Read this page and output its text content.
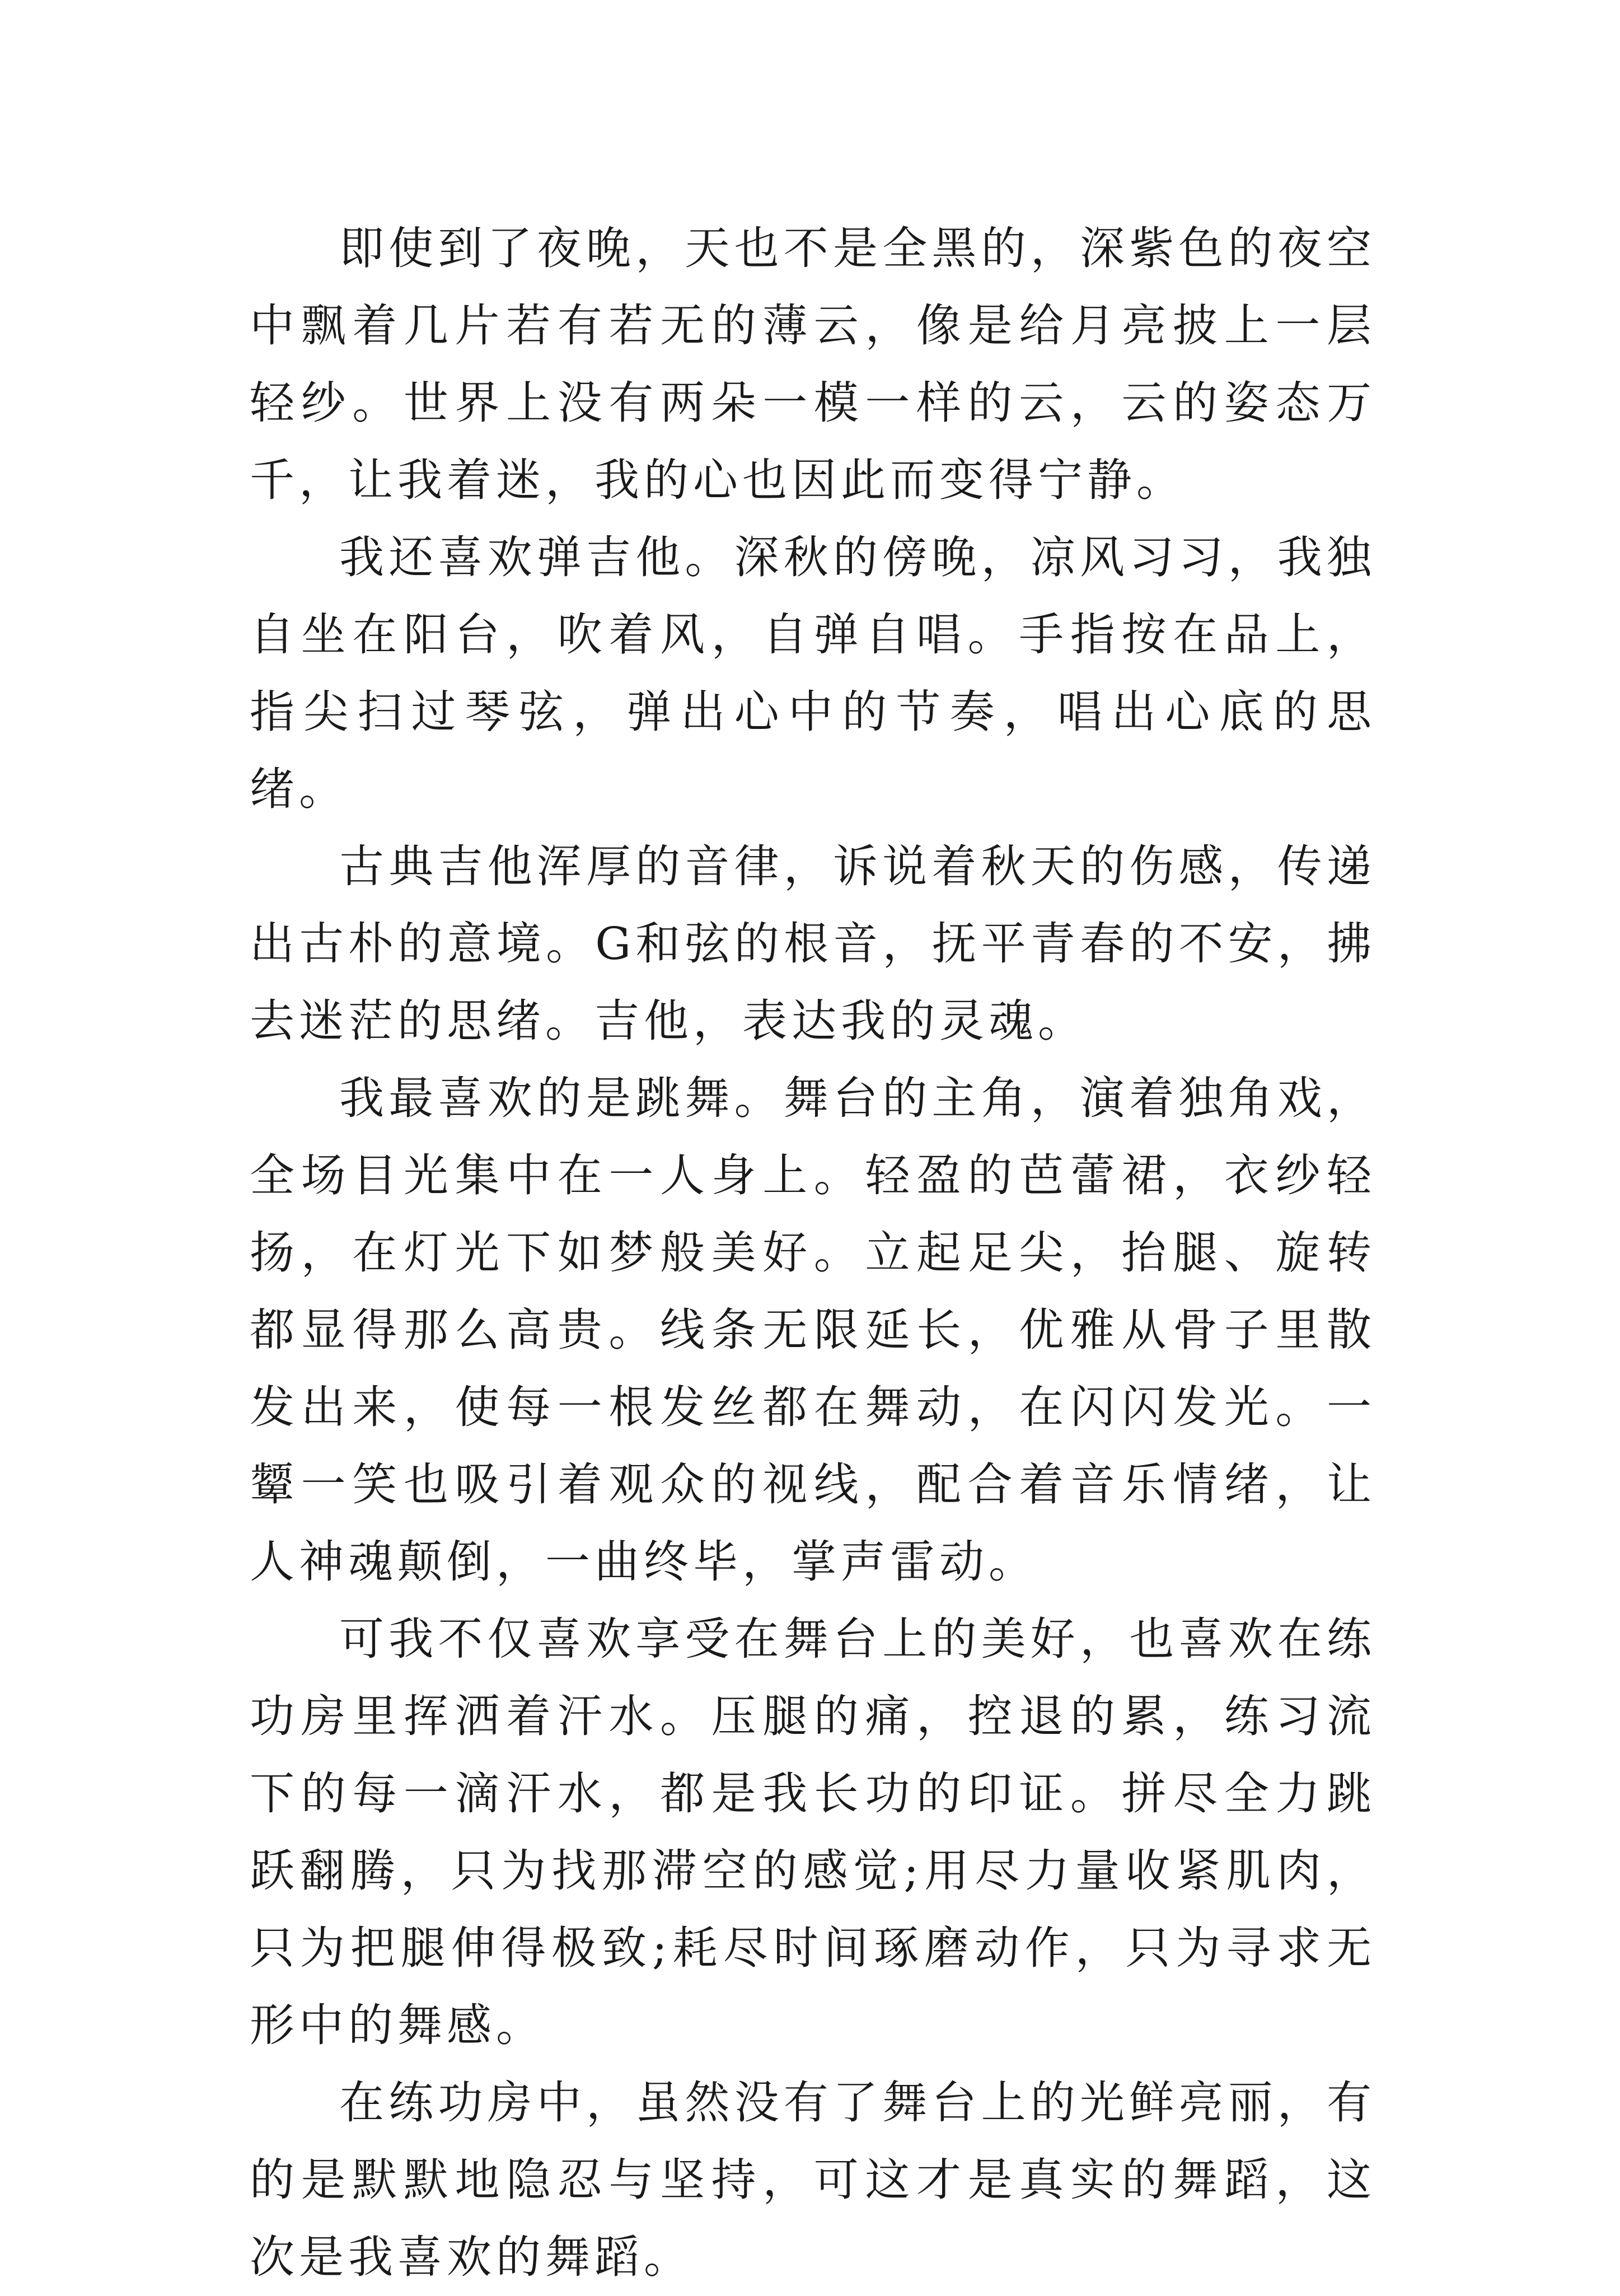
即使到了夜晚，天也不是全黑的，深紫色的夜空中飘着几片若有若无的薄云，像是给月亮披上一层轻纱。世界上没有两朵一模一样的云，云的姿态万千，让我着迷，我的心也因此而变得宁静。

我还喜欢弹吉他。深秋的傍晚，凉风习习，我独自坐在阳台，吹着风，自弹自唱。手指按在品上，指尖扫过琴弦，弹出心中的节奏，唱出心底的思绪。

古典吉他浑厚的音律，诉说着秋天的伤感，传递出古朴的意境。G和弦的根音，抚平青春的不安，拂去迷茫的思绪。吉他，表达我的灵魂。

我最喜欢的是跳舞。舞台的主角，演着独角戏，全场目光集中在一人身上。轻盈的芭蕾裙，衣纱轻扬，在灯光下如梦般美好。立起足尖，抬腿、旋转都显得那么高贵。线条无限延长，优雅从骨子里散发出来，使每一根发丝都在舞动，在闪闪发光。一颦一笑也吸引着观众的视线，配合着音乐情绪，让人神魂颠倒，一曲终毕，掌声雷动。

可我不仅喜欢享受在舞台上的美好，也喜欢在练功房里挥洒着汗水。压腿的痛，控退的累，练习流下的每一滴汗水，都是我长功的印证。拼尽全力跳跃翻腾，只为找那滞空的感觉;用尽力量收紧肌肉，只为把腿伸得极致;耗尽时间琢磨动作，只为寻求无形中的舞感。

在练功房中，虽然没有了舞台上的光鲜亮丽，有的是默默地隐忍与坚持，可这才是真实的舞蹈，这次是我喜欢的舞蹈。
